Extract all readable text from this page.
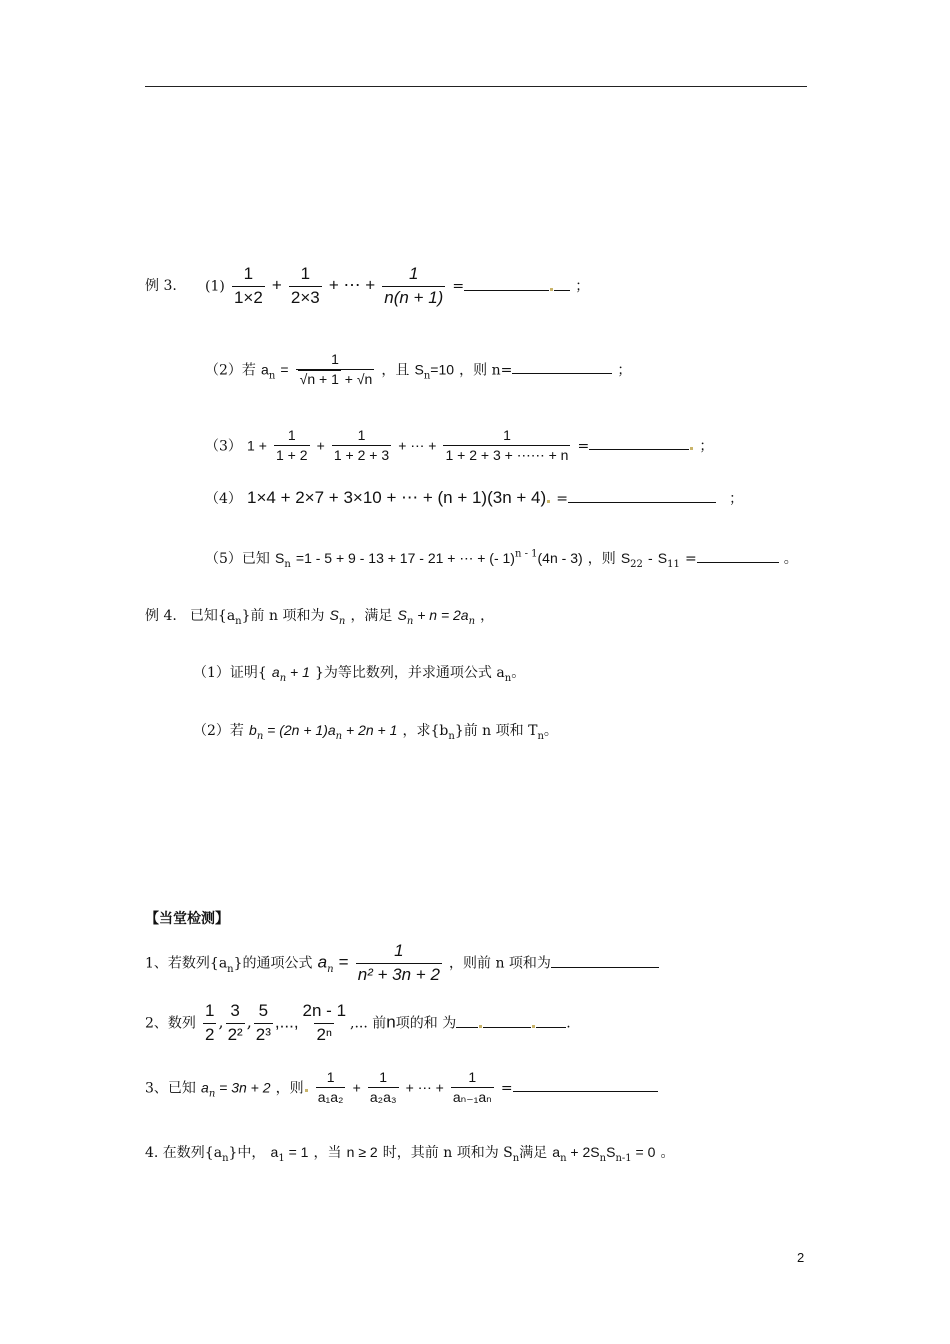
例 3. $(1) \frac{1}{1\times 2} + \frac{1}{2\times 3}$ + ⋯ + $\frac{1}{n(n + 1)}$ =	；
（2）若 $a_n = \frac{1}{√n + 1 + √n}$ ，且 $S_n=10$ ，则 n=	；
（3） $1 + \frac{1}{1 + 2} + \frac{1}{1 + 2 + 3}$ + ⋯ + $\frac{1}{1 + 2 + 3 + \cdots\cdots + n}$ =	；
（4） 1×4 + 2×7 + 3×10 + ⋯ + (n + 1)(3n + 4) =	；
（5）已知 $S_n =1 - 5 + 9 - 13 + 17 - 21$ + ⋯ + (- 1)$^{n - 1}$(4n - 3) ，则 $S_{22} - S_{11}$ =	。
例 4. 已知$\{a_n\}$前 n 项和为 $S_n$ ，满足 $S_n + n = 2a_n$ ，
（1）证明{ $a_n + 1$ }为等比数列，并求通项公式 $a_n$。
（2）若 $b_n = (2n + 1)a_n + 2n + 1$ ，求$\{b_n\}$前 n 项和 $T_n$。
【当堂检测】
1、若数列$\{a_n\}$的通项公式 $a_n = \frac{1}{\text{n² + 3n + 2}}$ ，则前 n 项和为
2、数列 $\frac{1}{2}$ , $\frac{3}{\text{2²}}$ , $\frac{5}{\text{2³}}$ ,..., $\frac{2n - 1}{\text{2ⁿ}}$ ,... 前n项的和 为	.
3、已知 $a_n = 3n + 2$ ，则 $\frac{1}{\text{a₁a₂}} + \frac{1}{\text{a₂a₃}}$ + ⋯ + $\frac{1}{\text{aₙ₋₁aₙ}}$ =
4. 在数列$\{a_n\}$中， $a_1 = 1$ ，当 n ≥ 2 时，其前 n 项和为 $S_n$满足 $a_n + 2S_nS_{n-1} = 0$ 。
2
